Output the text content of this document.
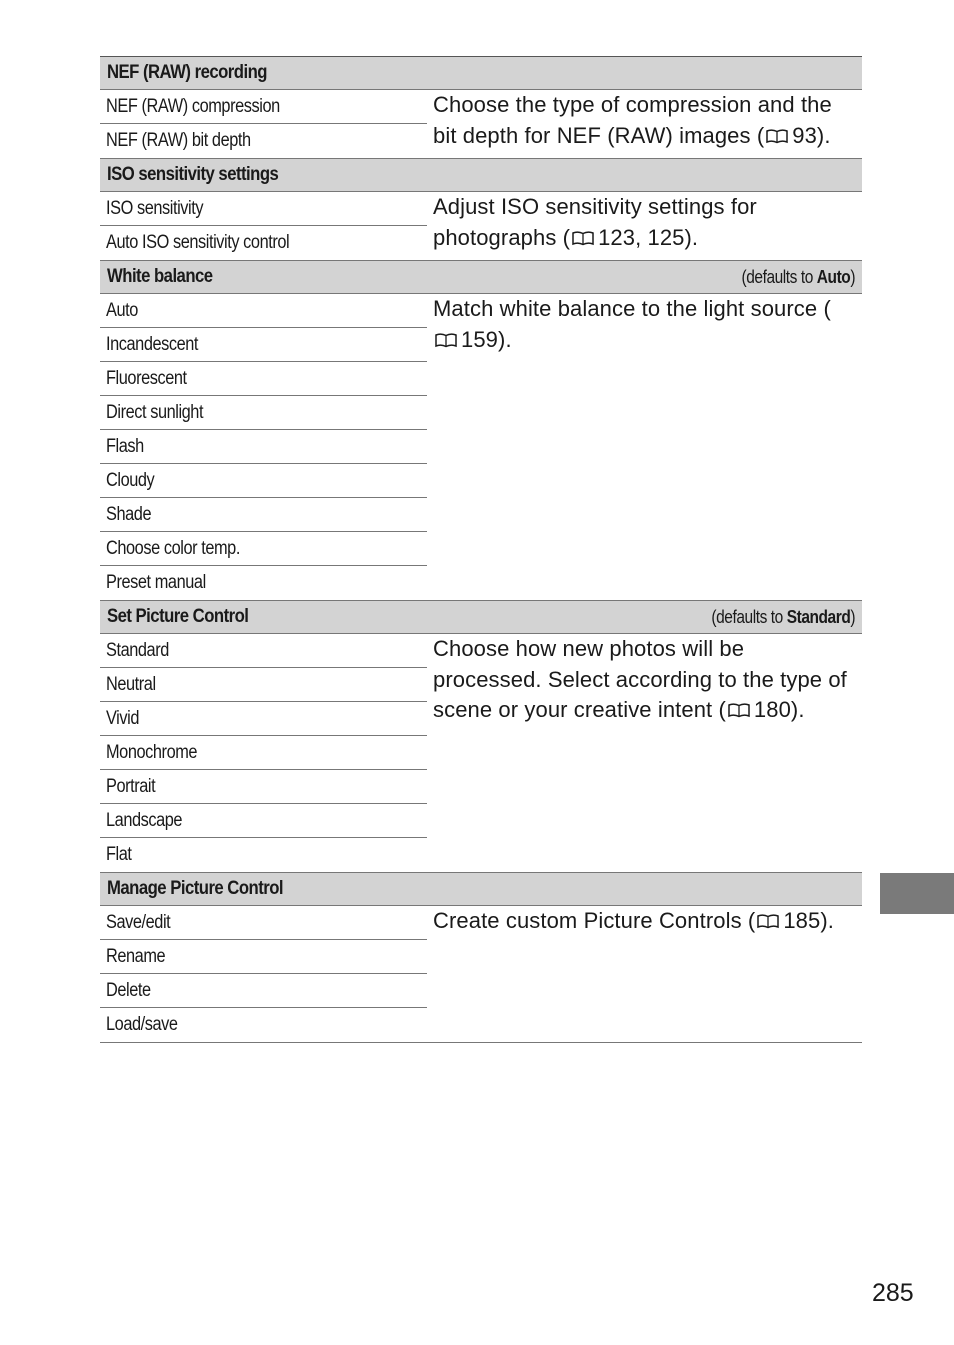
NEF (RAW) recording
NEF (RAW) compression
NEF (RAW) bit depth
Choose the type of compression and the bit depth for NEF (RAW) images ( 93).
ISO sensitivity settings
ISO sensitivity
Auto ISO sensitivity control
Adjust ISO sensitivity settings for photographs ( 123, 125).
White balance	(defaults to Auto)
Auto
Incandescent
Fluorescent
Direct sunlight
Flash
Cloudy
Shade
Choose color temp.
Preset manual
Match white balance to the light source (
159).
Set Picture Control	(defaults to Standard)
Standard
Neutral
Vivid
Monochrome
Portrait
Landscape
Flat
Choose how new photos will be processed. Select according to the type of scene or your creative intent ( 180).
Manage Picture Control
Save/edit
Rename
Delete
Load/save
Create custom Picture Controls ( 185).
285
